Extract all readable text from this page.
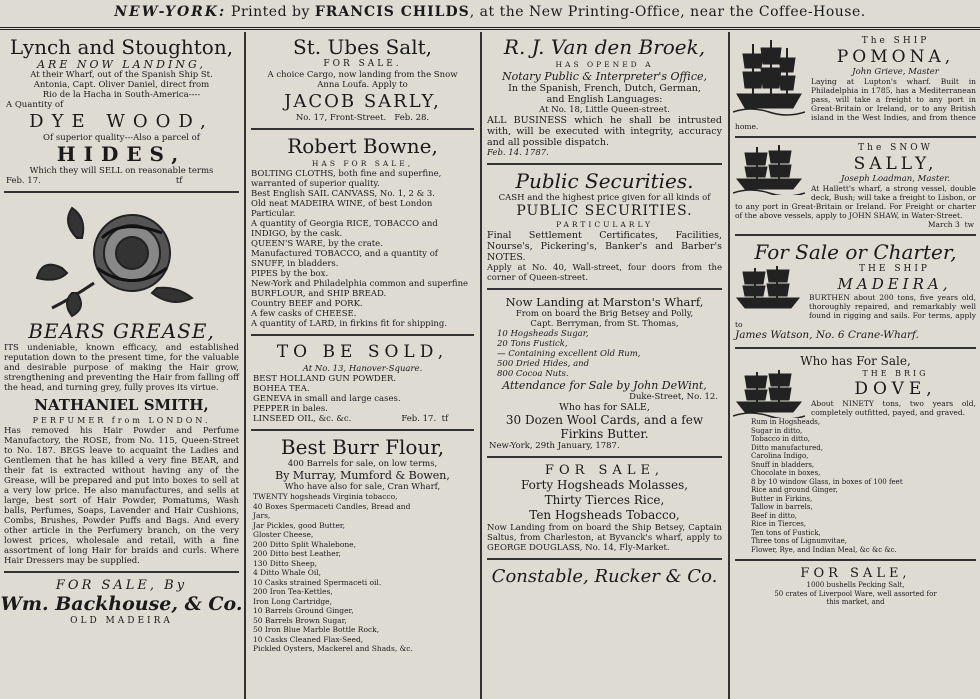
NEW-YORK: Printed by FRANCIS CHILDS, at the New Printing-Office, near the Coffee-House.

Lynch and Stoughton,

ARE NOW LANDING,

At their Wharf, out of the Spanish Ship St.

Antonia, Capt. Oliver Daniel, direct from

Rio de la Hacha in South-America----

A Quantity of

DYE WOOD,

Of superior quality---Also a parcel of

HIDES,

Which they will SELL on reasonable terms

Feb. 17.	tf

BEARS GREASE,

ITS undeniable, known efficacy, and established reputation down to the present time, for the valuable and desirable purpose of making the Hair grow, strengthening and preventing the Hair from falling off the head, and turning grey, fully proves its virtue.

NATHANIEL SMITH,

PERFUMER from LONDON.

Has removed his Hair Powder and Perfume Manufactory, the ROSE, from No. 115, Queen-Street to No. 187. BEGS leave to acquaint the Ladies and Gentlemen that he has killed a very fine BEAR, and their fat is extracted without having any of the Grease, will be prepared and put into boxes to sell at a very low price. He also manufactures, and sells at large, best sort of Hair Powder, Pomatums, Wash balls, Perfumes, Soaps, Lavender and Hair Cushions, Combs, Brushes, Powder Puffs and Bags. And every other article in the Perfumery branch, on the very lowest prices, wholesale and retail, with a fine assortment of long Hair for braids and curls. Where Hair Dressers may be supplied.

FOR SALE, By

Wm. Backhouse, & Co.

OLD MADEIRA

St. Ubes Salt,

FOR SALE.

A choice Cargo, now landing from the Snow

Anna Loufa. Apply to

JACOB SARLY,

No. 17, Front-Street. Feb. 28.

Robert Bowne,

HAS FOR SALE,

BOLTING CLOTHS, both fine and superfine, warranted of superior quality.

Best English SAIL CANVASS, No. 1, 2 & 3.

Old neat MADEIRA WINE, of best London Particular.

A quantity of Georgia RICE, TOBACCO and INDIGO, by the cask.

QUEEN'S WARE, by the crate.

Manufactured TOBACCO, and a quantity of SNUFF, in bladders.

PIPES by the box.

New-York and Philadelphia common and superfine BURFLOUR, and SHIP BREAD.

Country BEEF and PORK.

A few casks of CHEESE.

A quantity of LARD, in firkins fit for shipping.

TO BE SOLD,

At No. 13, Hanover-Square.

BEST HOLLAND GUN POWDER.

BOHEA TEA.

GENEVA in small and large cases.

PEPPER in bales.

LINSEED OIL, &c. &c.	Feb. 17. tf

Best Burr Flour,

400 Barrels for sale, on low terms,

By Murray, Mumford & Bowen,

Who have also for sale, Cran Wharf,

TWENTY hogsheads Virginia tobacco,

40 Boxes Spermaceti Candles, Bread and

Jars,

Jar Pickles, good Butter,

Gloster Cheese,

200 Ditto Split Whalebone,

200 Ditto best Leather,

130 Ditto Sheep,

4 Ditto Whale Oil,

10 Casks strained Spermaceti oil.

200 Iron Tea-Kettles,

Iron Long Cartridge,

10 Barrels Ground Ginger,

50 Barrels Brown Sugar,

50 Iron Blue Marble Bottle Rock,

10 Casks Cleaned Flax-Seed,

Pickled Oysters, Mackerel and Shads, &c.

R. J. Van den Broek,

HAS OPENED A

Notary Public & Interpreter's Office,

In the Spanish, French, Dutch, German,

and English Languages:

At No. 18, Little Queen-street.

ALL BUSINESS which he shall be intrusted with, will be executed with integrity, accuracy and all possible dispatch.

Feb. 14. 1787.

Public Securities.

CASH and the highest price given for all kinds of

PUBLIC SECURITIES.

PARTICULARLY

Final Settlement Certificates, Facilities, Nourse's, Pickering's, Banker's and Barber's NOTES.

Apply at No. 40, Wall-street, four doors from the corner of Queen-street.

Now Landing at Marston's Wharf,

From on board the Brig Betsey and Polly,

Capt. Berryman, from St. Thomas,

10 Hogsheads Sugar,

20 Tons Fustick,

— Containing excellent Old Rum,

500 Dried Hides, and

800 Cocoa Nuts.

Attendance for Sale by John DeWint,

Duke-Street, No. 12.

Who has for SALE,

30 Dozen Wool Cards, and a few

Firkins Butter.

New-York, 29th January, 1787.

FOR SALE,

Forty Hogsheads Molasses,

Thirty Tierces Rice,

Ten Hogsheads Tobacco,

Now Landing from on board the Ship Betsey, Captain Saltus, from Charleston, at Byvanck's wharf, apply to GEORGE DOUGLASS, No. 14, Fly-Market.

Constable, Rucker & Co.

The SHIP

POMONA,

John Grieve, Master

Laying at Lupton's wharf. Built in Philadelphia in 1785, has a Mediterranean pass, will take a freight to any port in Great-Britain or Ireland, or to any British island in the West Indies, and from thence home.

The SNOW

SALLY,

Joseph Loadman, Master.

At Hallett's wharf, a strong vessel, double deck, Bush; will take a freight to Lisbon, or to any port in Great-Britain or Ireland. For Freight or charter of the above vessels, apply to JOHN SHAW, in Water-Street.

March 3 tw

For Sale or Charter,

THE SHIP

MADEIRA,

BURTHEN about 200 tons, five years old, thoroughly repaired, and remarkably well found in rigging and sails. For terms, apply to

James Watson, No. 6 Crane-Wharf.

Who has For Sale,

THE BRIG

DOVE,

About NINETY tons, two years old, completely outfitted, payed, and graved.

Rum in Hogsheads,

Sugar in ditto,

Tobacco in ditto,

Ditto manufactured,

Carolina Indigo,

Snuff in bladders,

Chocolate in boxes,

8 by 10 window Glass, in boxes of 100 feet

Rice and ground Ginger,

Butter in Firkins,

Tallow in barrels,

Beef in ditto,

Rice in Tierces,

Ten tons of Fustick,

Three tons of Lignumvitae,

Flower, Rye, and Indian Meal, &c &c &c.

FOR SALE,

1000 bushells Pecking Salt,

50 crates of Liverpool Ware, well assorted for

this market, and
